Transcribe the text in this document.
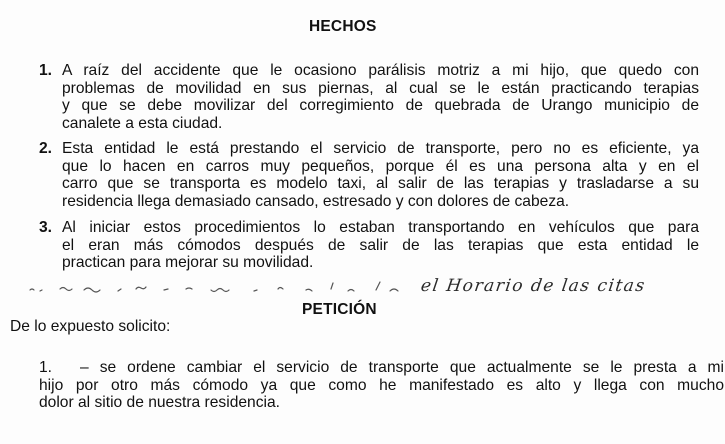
HECHOS
1. A raíz del accidente que le ocasiono parálisis motriz a mi hijo, que quedo con
problemas de movilidad en sus piernas, al cual se le están practicando terapias
y que se debe movilizar del corregimiento de quebrada de Urango municipio de
canalete a esta ciudad.
2. Esta entidad le está prestando el servicio de transporte, pero no es eficiente, ya
que lo hacen en carros muy pequeños, porque él es una persona alta y en el
carro que se transporta es modelo taxi, al salir de las terapias y trasladarse a su
residencia llega demasiado cansado, estresado y con dolores de cabeza.
3. Al iniciar estos procedimientos lo estaban transportando en vehículos que para
el eran más cómodos después de salir de las terapias que esta entidad le
practican para mejorar su movilidad.
el Horario de las citas
PETICIÓN
De lo expuesto solicito:
1. – se ordene cambiar el servicio de transporte que actualmente se le presta a mi
hijo por otro más cómodo ya que como he manifestado es alto y llega con mucho
dolor al sitio de nuestra residencia.
